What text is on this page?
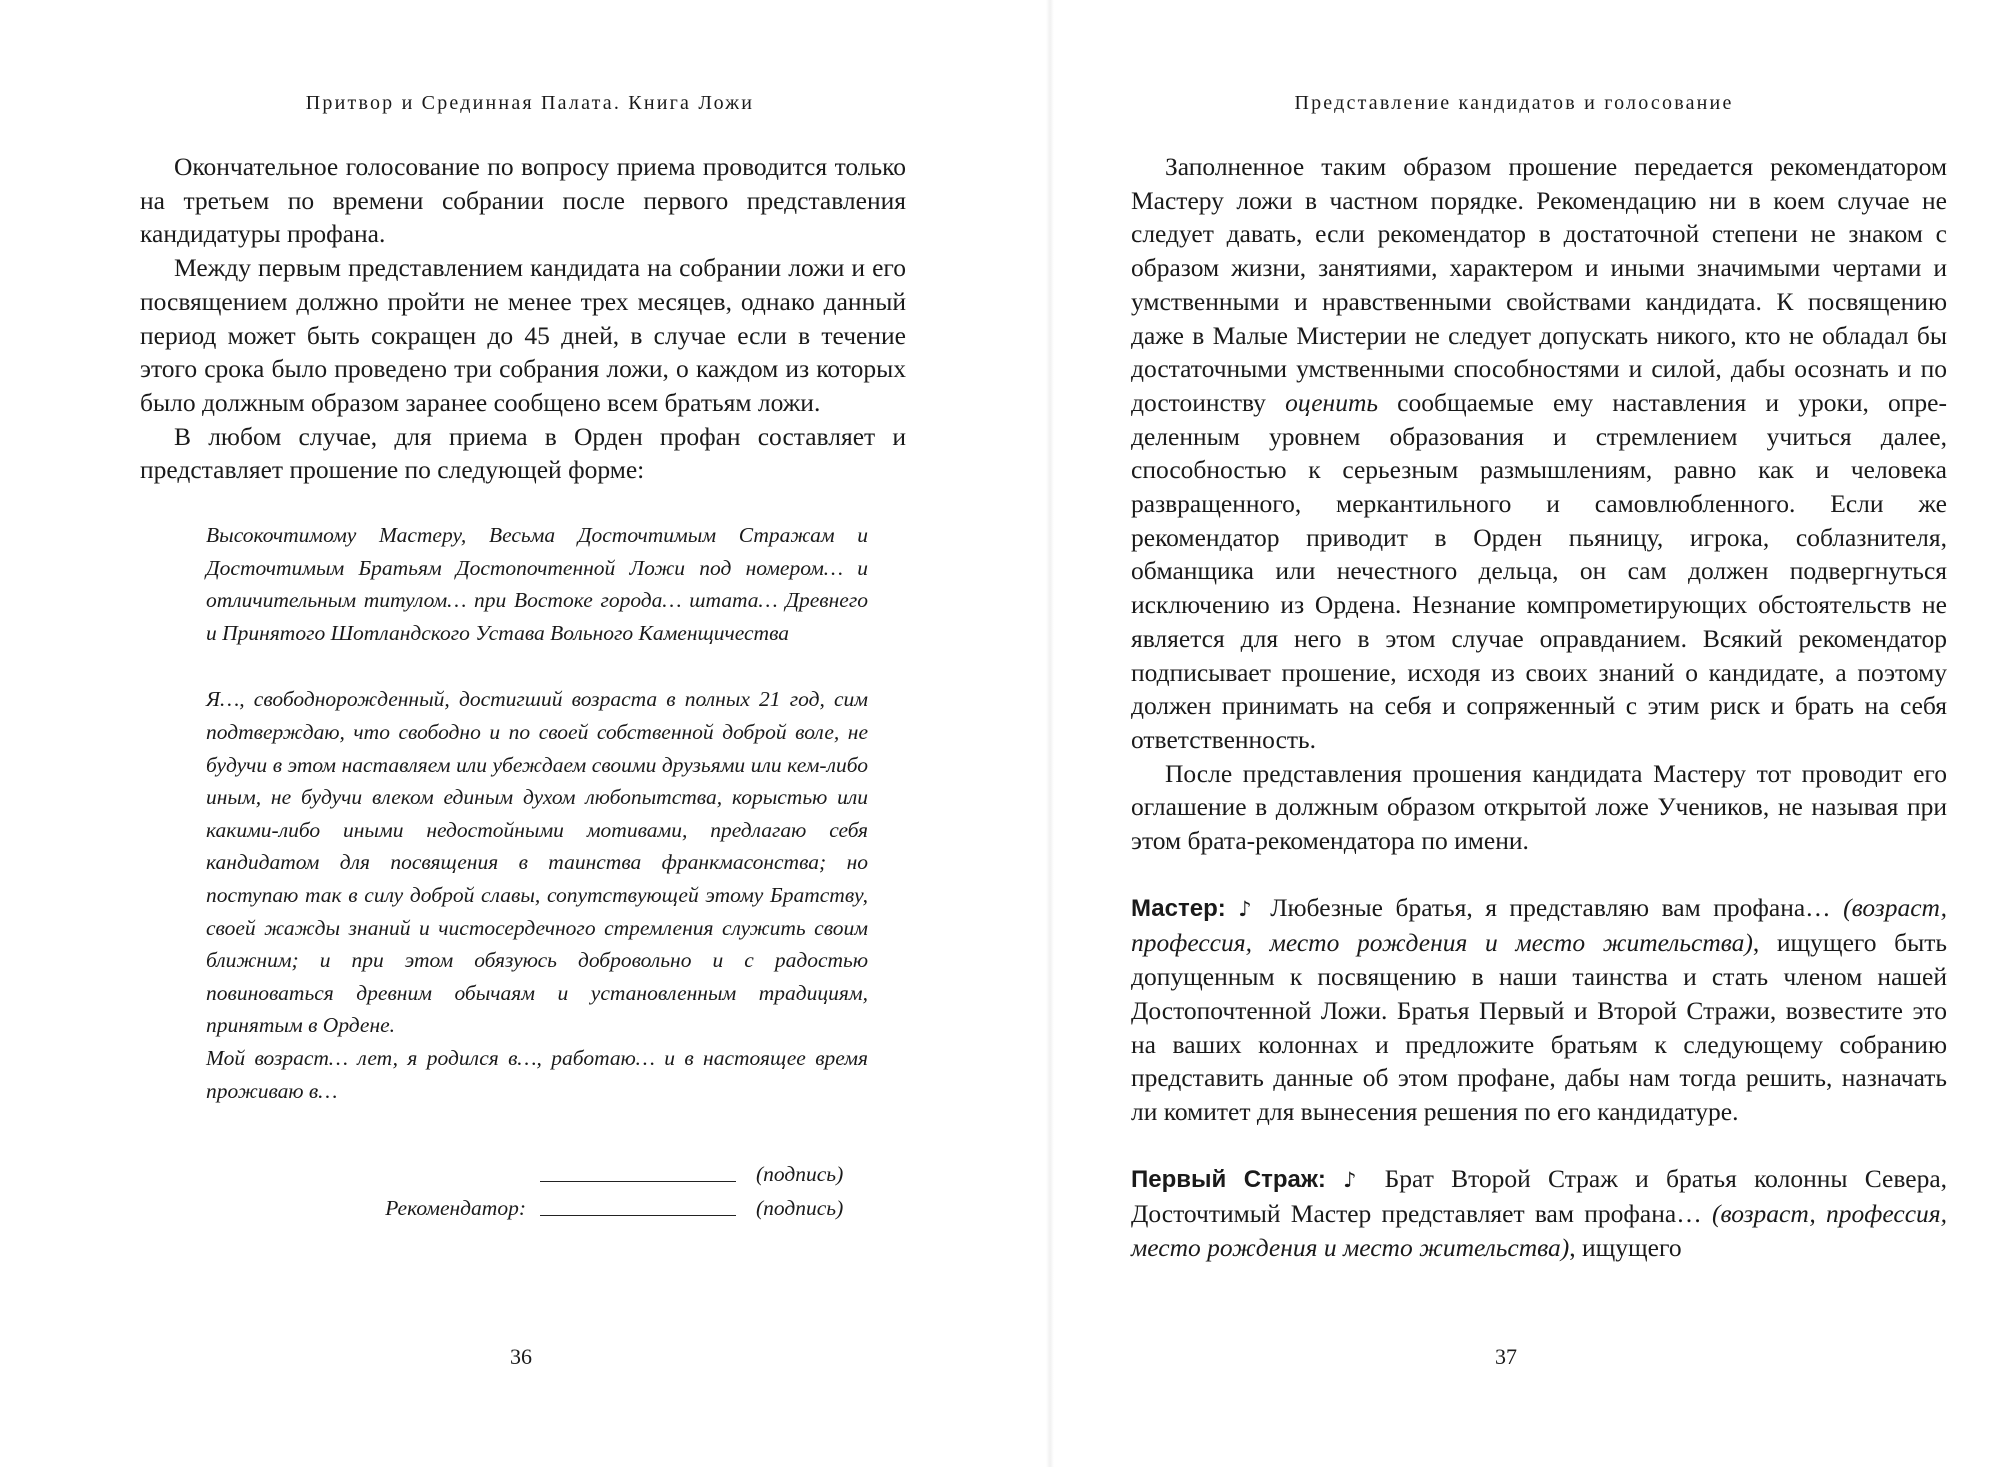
Притвор и Срединная Палата. Книга Ложи

Окончательное голосование по вопросу приема проводится только на третьем по времени собрании после первого представления кандидатуры профана.

Между первым представлением кандидата на собрании ложи и его посвящением должно пройти не менее трех месяцев, однако данный период может быть сокращен до 45 дней, в случае если в течение этого срока было проведено три собрания ложи, о каждом из которых было должным образом заранее сообщено всем братьям ложи.

В любом случае, для приема в Орден профан составляет и представляет прошение по следующей форме:

Высокочтимому Мастеру, Весьма Досточтимым Стражам и Досточтимым Братьям Достопочтенной Ложи под номером… и отличительным титулом… при Востоке города… штата… Древнего и Принятого Шотландского Устава Вольного Каменщичества

Я…, свободнорожденный, достигший возраста в полных 21 год, сим подтверждаю, что свободно и по своей собственной доброй воле, не будучи в этом наставляем или убеждаем своими друзьями или кем-либо иным, не будучи влеком единым духом любопытства, корыстью или какими-либо иными недостойными мотивами, предлагаю себя кандидатом для посвящения в таинства франкмасонства; но поступаю так в силу доброй славы, сопутствующей этому Братству, своей жажды знаний и чистосердечного стремления служить своим ближним; и при этом обязуюсь добровольно и с радостью повиноваться древним обычаям и установленным традициям, принятым в Ордене.

Мой возраст… лет, я родился в…, работаю… и в настоящее время проживаю в…

(подпись)
Рекомендатор:	(подпись)
36
Представление кандидатов и голосование

Заполненное таким образом прошение передается рекомендатором Мастеру ложи в частном порядке. Рекомендацию ни в коем случае не следует давать, если рекомендатор в достаточной степени не знаком с образом жизни, занятиями, характером и иными значимыми чертами и умственными и нравственными свойствами кандидата. К посвящению даже в Малые Мистерии не следует допускать никого, кто не обладал бы достаточными умственными способностями и силой, дабы осознать и по достоинству оценить сообщаемые ему наставления и уроки, определенным уровнем образования и стремлением учиться далее, способностью к серьезным размышлениям, равно как и человека развращенного, меркантильного и самовлюбленного. Если же рекомендатор приводит в Орден пьяницу, игрока, соблазнителя, обманщика или нечестного дельца, он сам должен подвергнуться исключению из Ордена. Незнание компрометирующих обстоятельств не является для него в этом случае оправданием. Всякий рекомендатор подписывает прошение, исходя из своих знаний о кандидате, а поэтому должен принимать на себя и сопряженный с этим риск и брать на себя ответственность.

После представления прошения кандидата Мастеру тот проводит его оглашение в должным образом открытой ложе Учеников, не называя при этом брата-рекомендатора по имени.

Мастер: ♪ Любезные братья, я представляю вам профана… (возраст, профессия, место рождения и место жительства), ищущего быть допущенным к посвящению в наши таинства и стать членом нашей Достопочтенной Ложи. Братья Первый и Второй Стражи, возвестите это на ваших колоннах и предложите братьям к следующему собранию представить данные об этом профане, дабы нам тогда решить, назначать ли комитет для вынесения решения по его кандидатуре.

Первый Страж: ♪ Брат Второй Страж и братья колонны Севера, Досточтимый Мастер представляет вам профана… (возраст, профессия, место рождения и место жительства), ищущего

37
